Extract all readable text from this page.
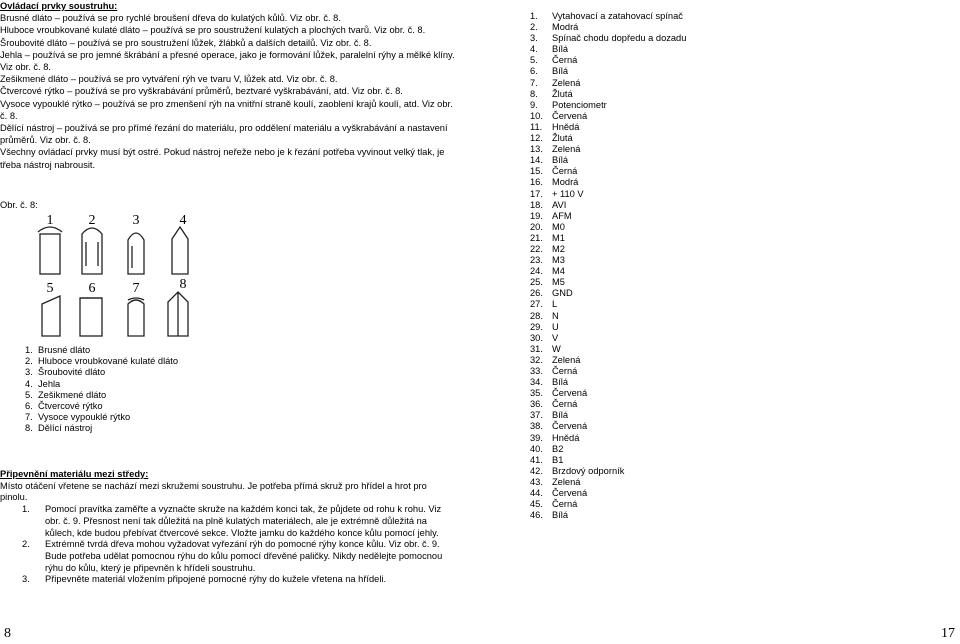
Ovládací prvky soustruhu:

Brusné dláto – používá se pro rychlé broušení dřeva do kulatých kůlů. Viz obr. č. 8.

Hluboce vroubkované kulaté dláto – používá se pro soustružení kulatých a plochých tvarů. Viz obr. č. 8.

Šroubovité dláto – používá se pro soustružení lůžek, žlábků a dalších detailů. Viz obr. č. 8.

Jehla – používá se pro jemné škrábání a přesné operace, jako je formování lůžek, paralelní rýhy a mělké klíny. Viz obr. č. 8.

Zešikmené dláto – používá se pro vytváření rýh ve tvaru V, lůžek atd. Viz obr. č. 8.

Čtvercové rýtko – používá se pro vyškrabávání průměrů, beztvaré vyškrabávání, atd. Viz obr. č. 8.

Vysoce vypouklé rýtko – používá se pro zmenšení rýh na vnitřní straně koulí, zaoblení krajů koulí, atd. Viz obr. č. 8.

Dělící nástroj – používá se pro přímé řezání do materiálu, pro oddělení materiálu a vyškrabávání a nastavení průměrů. Viz obr. č. 8.

Všechny ovládací prvky musí být ostré. Pokud nástroj neřeže nebo je k řezání potřeba vyvinout velký tlak, je třeba nástroj nabrousit.

Obr. č. 8:
1	2	3	4
5	6	7	8
1. Brusné dláto
2. Hluboce vroubkované kulaté dláto
3. Šroubovité dláto
4. Jehla
5. Zešikmené dláto
6. Čtvercové rýtko
7. Vysoce vypouklé rýtko
8. Dělící nástroj
Připevnění materiálu mezi středy:
Místo otáčení vřetene se nachází mezi skružemi soustruhu. Je potřeba přímá skruž pro hřídel a hrot pro pinolu.
1.	Pomocí pravítka zaměřte a vyznačte skruže na každém konci tak, že půjdete od rohu k rohu. Viz obr. č. 9. Přesnost není tak důležitá na plně kulatých materiálech, ale je extrémně důležitá na kůlech, kde budou přebívat čtvercové sekce. Vložte jamku do každého konce kůlu pomocí jehly.
2.	Extrémně tvrdá dřeva mohou vyžadovat vyřezání rýh do pomocné rýhy konce kůlu. Viz obr. č. 9. Bude potřeba udělat pomocnou rýhu do kůlu pomocí dřevěné paličky. Nikdy nedělejte pomocnou rýhu do kůlu, který je připevněn k hřídeli soustruhu.
3.	Připevněte materiál vložením připojené pomocné rýhy do kužele vřetena na hřídeli.
1.	Vytahovací a zatahovací spínač
2.	Modrá
3.	Spínač chodu dopředu a dozadu
4.	Bílá
5.	Černá
6.	Bílá
7.	Zelená
8.	Žlutá
9.	Potenciometr
10. Červená
11.	Hnědá
12. Žlutá
13. Zelená
14. Bílá
15. Černá
16. Modrá
17. + 110 V
18. AVI
19. AFM
20. M0
21. M1
22. M2
23. M3
24. M4
25. M5
26. GND
27. L
28. N
29. U
30. V
31. W
32. Zelená
33. Černá
34. Bílá
35. Červená
36. Černá
37. Bílá
38. Červená
39. Hnědá
40. B2
41. B1
42. Brzdový odporník
43. Zelená
44. Červená
45. Černá
46. Bílá
8	17
